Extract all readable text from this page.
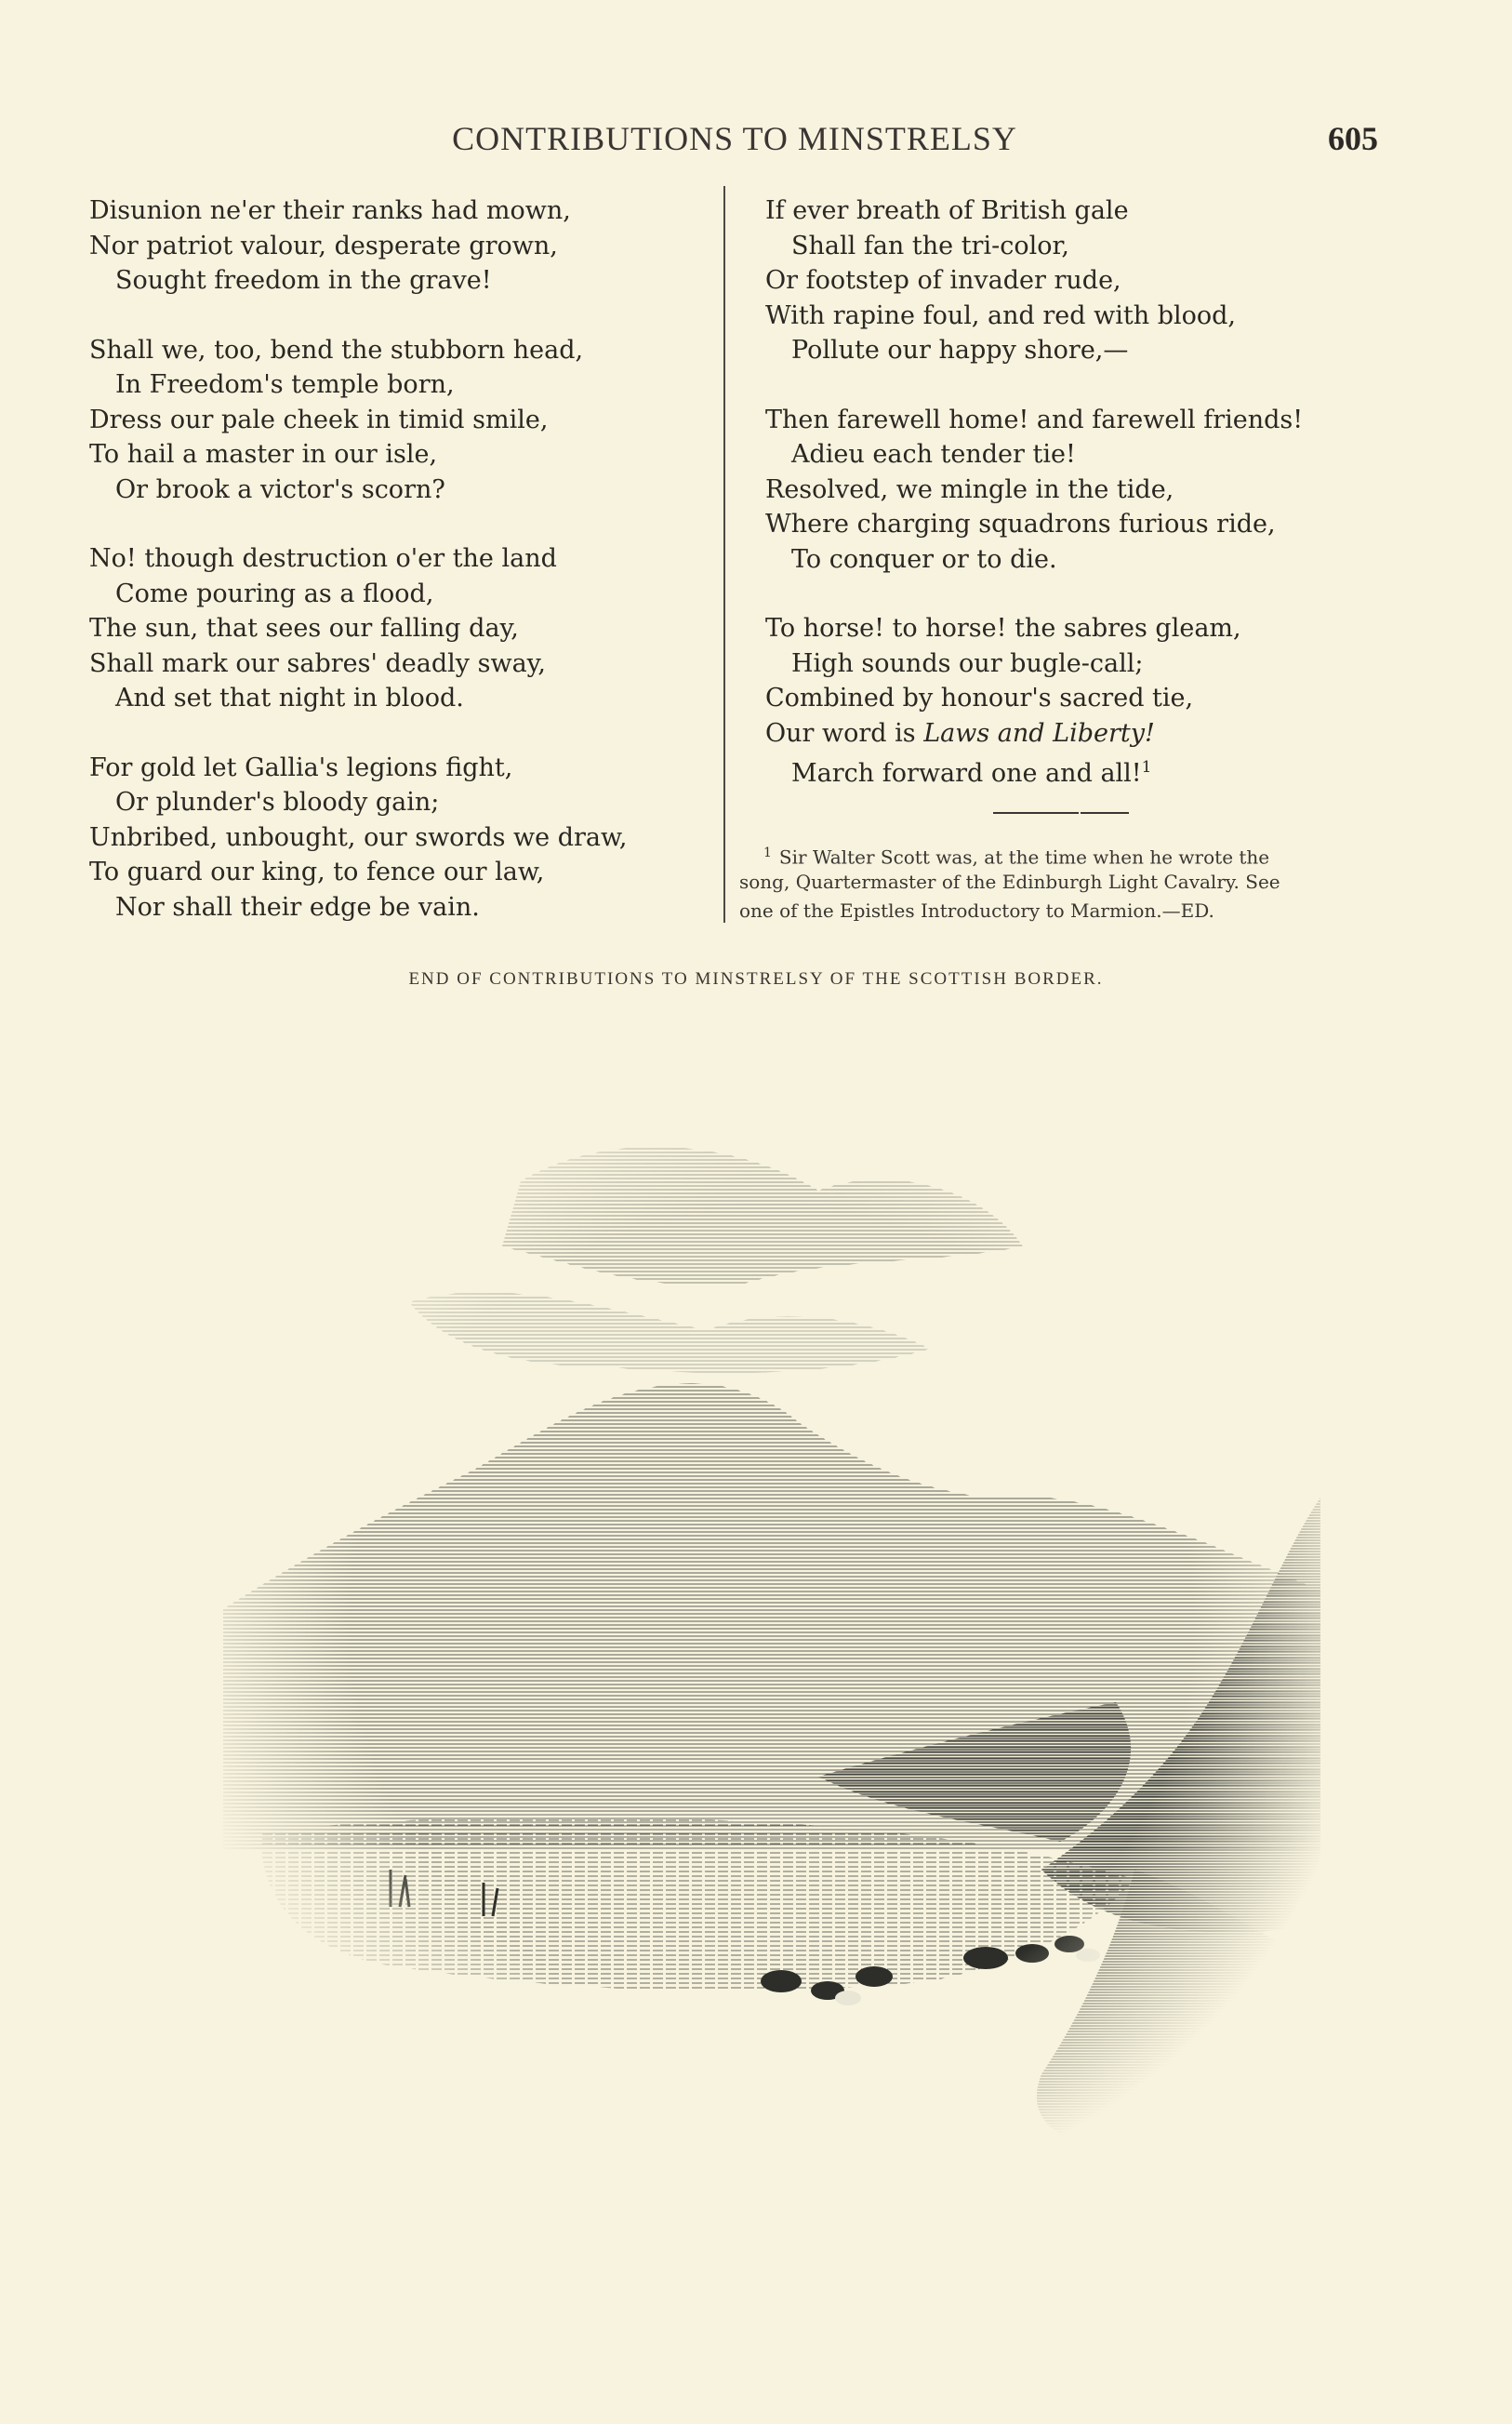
CONTRIBUTIONS TO MINSTRELSY	605
Disunion ne'er their ranks had mown,
Nor patriot valour, desperate grown,
Sought freedom in the grave!
Shall we, too, bend the stubborn head,
In Freedom's temple born,
Dress our pale cheek in timid smile,
To hail a master in our isle,
Or brook a victor's scorn?
No! though destruction o'er the land
Come pouring as a flood,
The sun, that sees our falling day,
Shall mark our sabres' deadly sway,
And set that night in blood.
For gold let Gallia's legions fight,
Or plunder's bloody gain;
Unbribed, unbought, our swords we draw,
To guard our king, to fence our law,
Nor shall their edge be vain.
If ever breath of British gale
Shall fan the tri-color,
Or footstep of invader rude,
With rapine foul, and red with blood,
Pollute our happy shore,—
Then farewell home! and farewell friends!
Adieu each tender tie!
Resolved, we mingle in the tide,
Where charging squadrons furious ride,
To conquer or to die.
To horse! to horse! the sabres gleam,
High sounds our bugle-call;
Combined by honour's sacred tie,
Our word is Laws and Liberty!
March forward one and all!$^1$
$^1$ Sir Walter Scott was, at the time when he wrote the
song, Quartermaster of the Edinburgh Light Cavalry. See
one of the Epistles Introductory to Marmion.—ED.
END OF CONTRIBUTIONS TO MINSTRELSY OF THE SCOTTISH BORDER.
